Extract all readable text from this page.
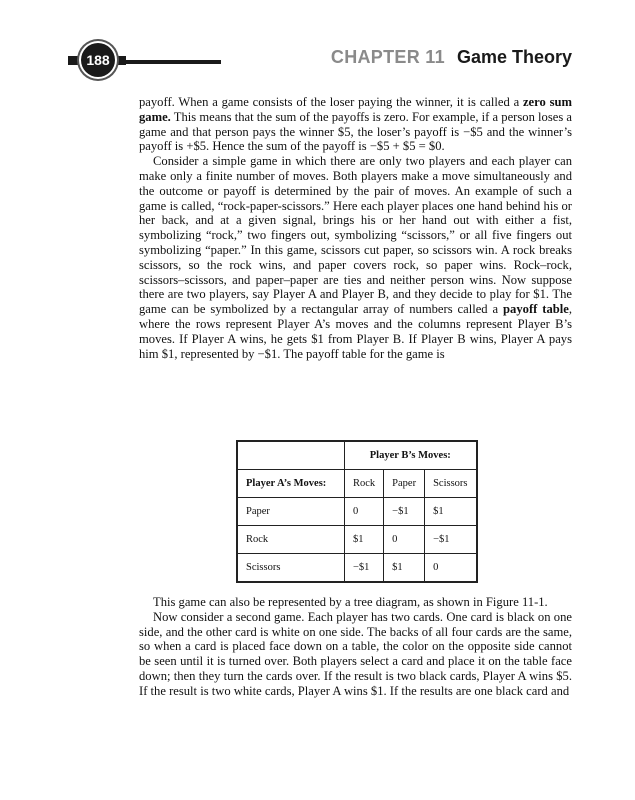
188	CHAPTER 11 Game Theory

payoff. When a game consists of the loser paying the winner, it is called a zero sum game. This means that the sum of the payoffs is zero. For example, if a person loses a game and that person pays the winner $5, the loser’s payoff is −$5 and the winner’s payoff is +$5. Hence the sum of the payoff is −$5 + $5 = $0.

Consider a simple game in which there are only two players and each player can make only a finite number of moves. Both players make a move simultaneously and the outcome or payoff is determined by the pair of moves. An example of such a game is called, “rock-paper-scissors.” Here each player places one hand behind his or her back, and at a given signal, brings his or her hand out with either a fist, symbolizing “rock,” two fingers out, symbolizing “scissors,” or all five fingers out symbolizing “paper.” In this game, scissors cut paper, so scissors win. A rock breaks scissors, so the rock wins, and paper covers rock, so paper wins. Rock–rock, scissors–scissors, and paper–paper are ties and neither person wins. Now suppose there are two players, say Player A and Player B, and they decide to play for $1. The game can be symbolized by a rectangular array of numbers called a payoff table, where the rows represent Player A’s moves and the columns represent Player B’s moves. If Player A wins, he gets $1 from Player B. If Player B wins, Player A pays him $1, represented by −$1. The payoff table for the game is

	Player B’s Moves:		
Player A’s Moves:	Rock	Paper	Scissors
Paper	0	−$1	$1
Rock	$1	0	−$1
Scissors	−$1	$1	0

This game can also be represented by a tree diagram, as shown in Figure 11-1.

Now consider a second game. Each player has two cards. One card is black on one side, and the other card is white on one side. The backs of all four cards are the same, so when a card is placed face down on a table, the color on the opposite side cannot be seen until it is turned over. Both players select a card and place it on the table face down; then they turn the cards over. If the result is two black cards, Player A wins $5. If the result is two white cards, Player A wins $1. If the results are one black card and
